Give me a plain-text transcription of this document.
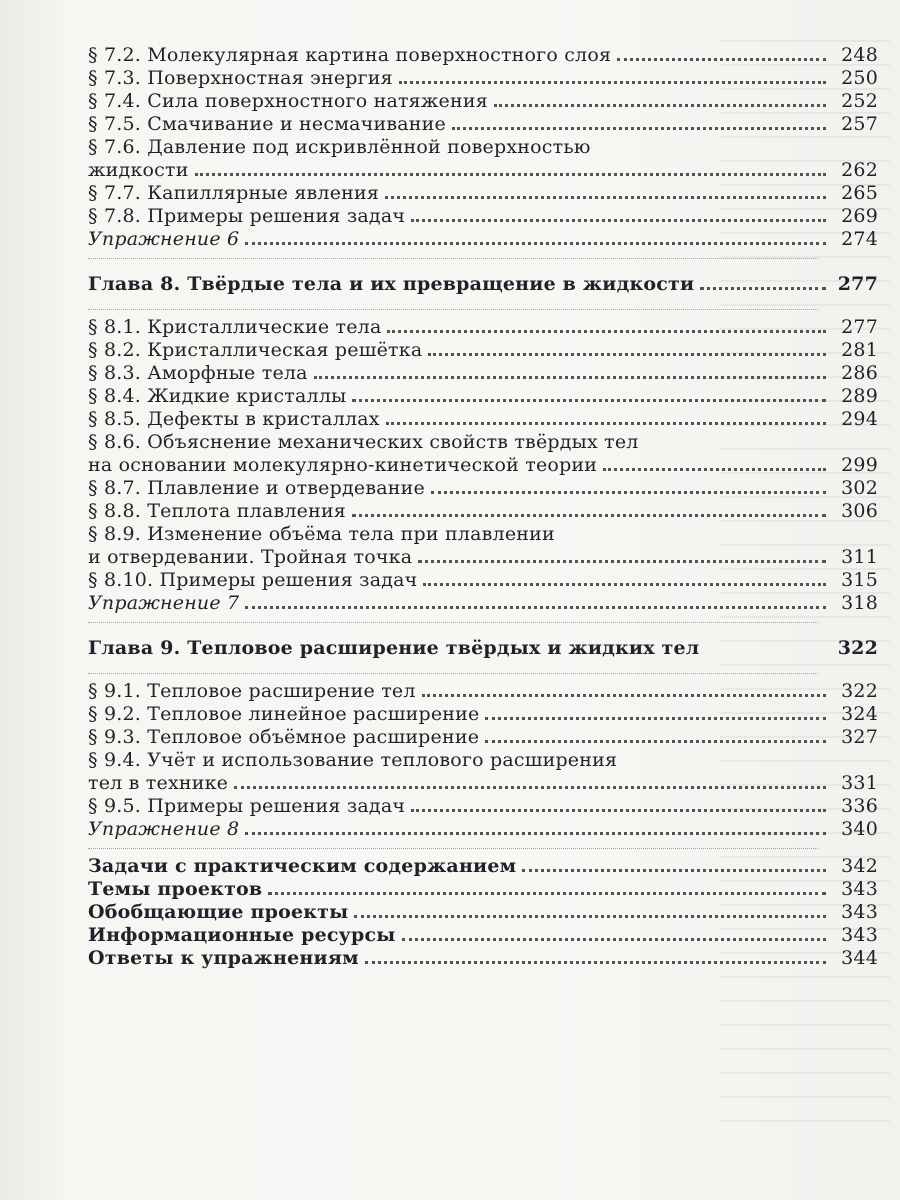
§ 7.2. Молекулярная картина поверхностного слоя	248
§ 7.3. Поверхностная энергия	250
§ 7.4. Сила поверхностного натяжения	252
§ 7.5. Смачивание и несмачивание	257
§ 7.6. Давление под искривлённой поверхностью
жидкости	262
§ 7.7. Капиллярные явления	265
§ 7.8. Примеры решения задач	269
Упражнение 6	274
Глава 8. Твёрдые тела и их превращение в жидкости	277
§ 8.1. Кристаллические тела	277
§ 8.2. Кристаллическая решётка	281
§ 8.3. Аморфные тела	286
§ 8.4. Жидкие кристаллы	289
§ 8.5. Дефекты в кристаллах	294
§ 8.6. Объяснение механических свойств твёрдых тел
на основании молекулярно-кинетической теории	299
§ 8.7. Плавление и отвердевание	302
§ 8.8. Теплота плавления	306
§ 8.9. Изменение объёма тела при плавлении
и отвердевании. Тройная точка	311
§ 8.10. Примеры решения задач	315
Упражнение 7	318
Глава 9. Тепловое расширение твёрдых и жидких тел	322
§ 9.1. Тепловое расширение тел	322
§ 9.2. Тепловое линейное расширение	324
§ 9.3. Тепловое объёмное расширение	327
§ 9.4. Учёт и использование теплового расширения
тел в технике	331
§ 9.5. Примеры решения задач	336
Упражнение 8	340
Задачи с практическим содержанием	342
Темы проектов	343
Обобщающие проекты	343
Информационные ресурсы	343
Ответы к упражнениям	344
